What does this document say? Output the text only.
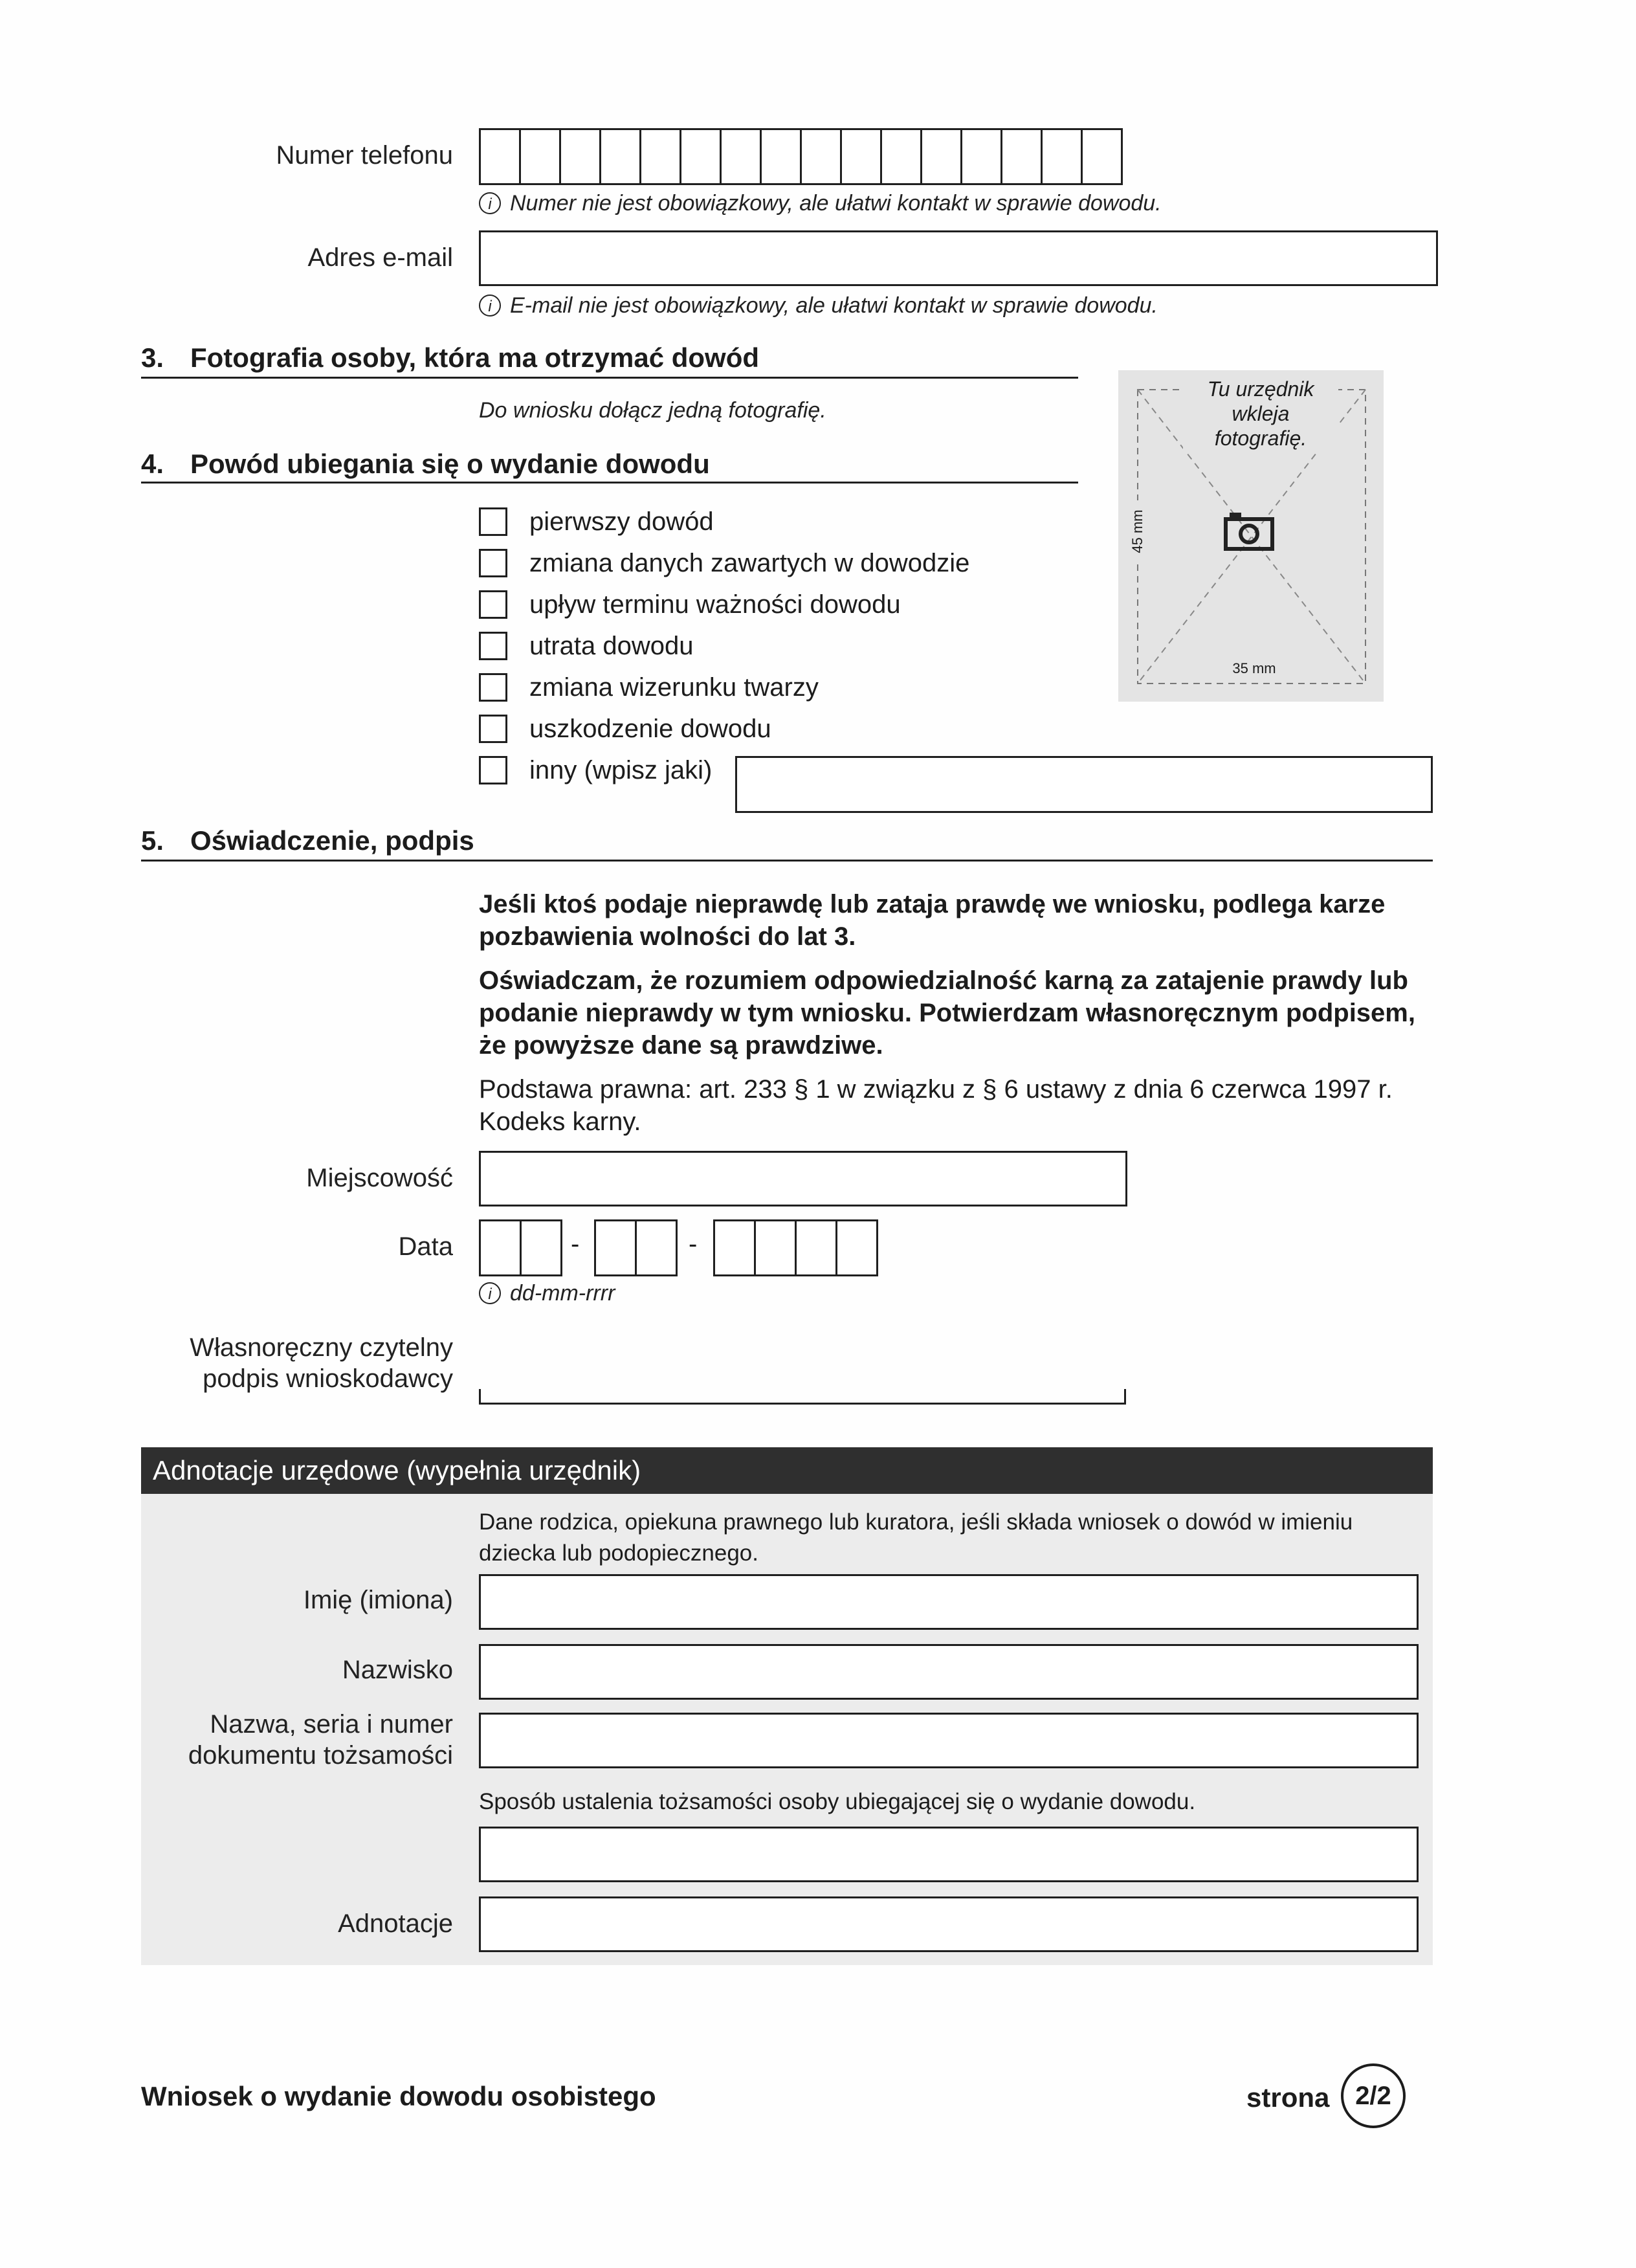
Numer telefonu
i Numer nie jest obowiązkowy, ale ułatwi kontakt w sprawie dowodu.
Adres e-mail
i E-mail nie jest obowiązkowy, ale ułatwi kontakt w sprawie dowodu.
3. Fotografia osoby, która ma otrzymać dowód
Do wniosku dołącz jedną fotografię.
Tu urzędnik
wkleja fotografię.
45 mm
35 mm
4. Powód ubiegania się o wydanie dowodu
pierwszy dowód
zmiana danych zawartych w dowodzie
upływ terminu ważności dowodu
utrata dowodu
zmiana wizerunku twarzy
uszkodzenie dowodu
inny (wpisz jaki)
5. Oświadczenie, podpis
Jeśli ktoś podaje nieprawdę lub zataja prawdę we wniosku, podlega karze pozbawienia wolności do lat 3.
Oświadczam, że rozumiem odpowiedzialność karną za zatajenie prawdy lub podanie nieprawdy w tym wniosku. Potwierdzam własnoręcznym podpisem, że powyższe dane są prawdziwe.
Podstawa prawna: art. 233 § 1 w związku z § 6 ustawy z dnia 6 czerwca 1997 r. Kodeks karny.
Miejscowość
Data	-	-
i dd-mm-rrrr
Własnoręczny czytelny
podpis wnioskodawcy
Adnotacje urzędowe (wypełnia urzędnik)
Dane rodzica, opiekuna prawnego lub kuratora, jeśli składa wniosek o dowód w imieniu dziecka lub podopiecznego.
Imię (imiona)
Nazwisko
Nazwa, seria i numer
dokumentu tożsamości
Sposób ustalenia tożsamości osoby ubiegającej się o wydanie dowodu.
Adnotacje
Wniosek o wydanie dowodu osobistego	strona 2/2
